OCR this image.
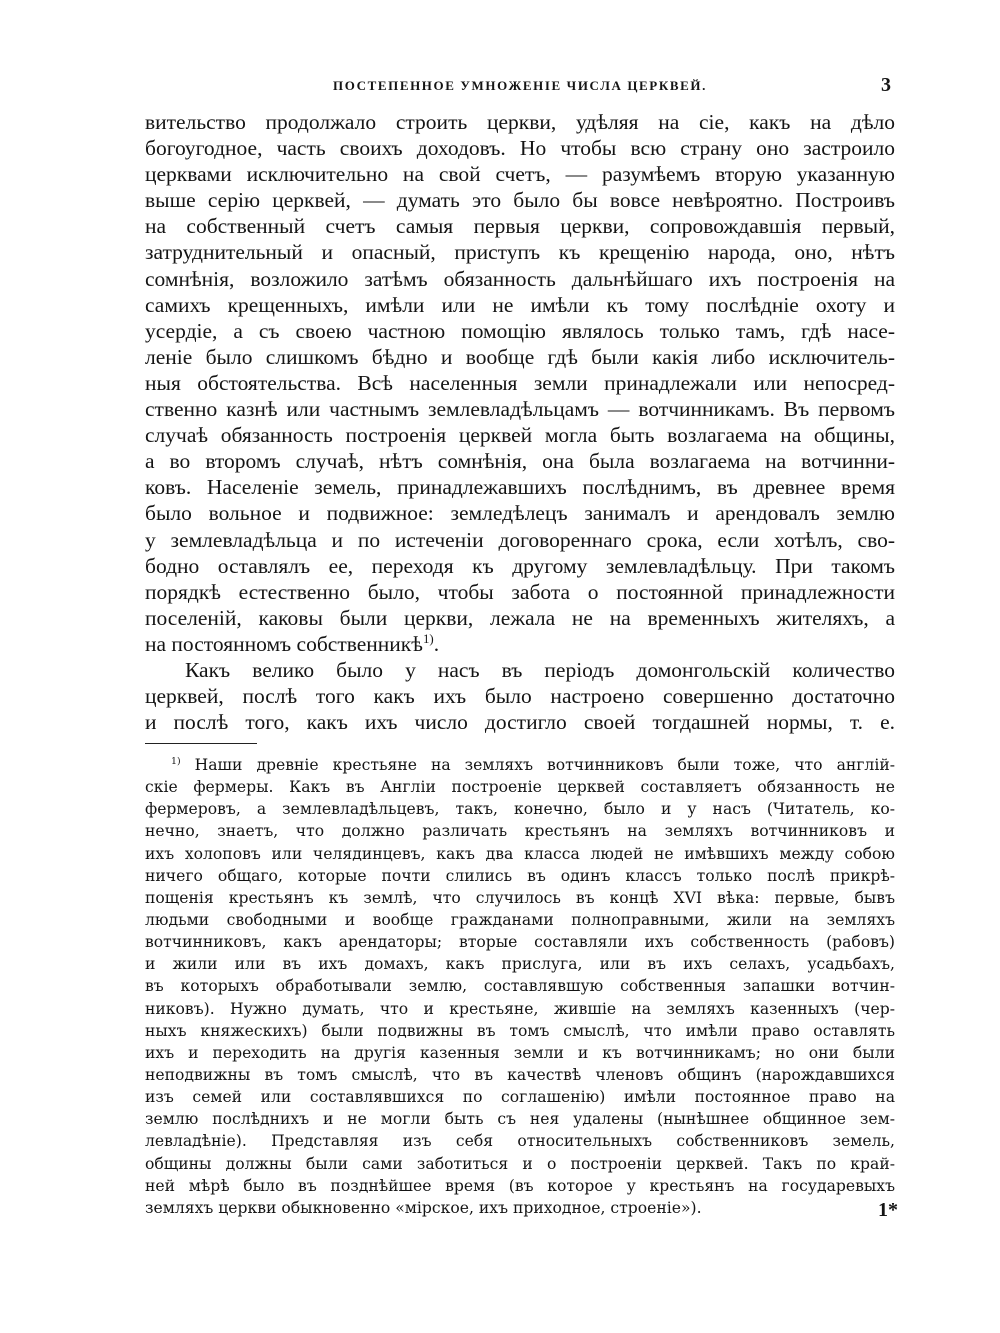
ПОСТЕПЕННОЕ УМНОЖЕНІЕ ЧИСЛА ЦЕРКВЕЙ.	3
вительство продолжало строить церкви, удѣляя на сіе, какъ на дѣло
богоугодное, часть своихъ доходовъ. Но чтобы всю страну оно застроило
церквами исключительно на свой счетъ, — разумѣемъ вторую указанную
выше серію церквей, — думать это было бы вовсе невѣроятно. Построивъ
на собственный счетъ самыя первыя церкви, сопровождавшія первый,
затруднительный и опасный, приступъ къ крещенію народа, оно, нѣтъ
сомнѣнія, возложило затѣмъ обязанность дальнѣйшаго ихъ построенія на
самихъ крещенныхъ, имѣли или не имѣли къ тому послѣдніе охоту и
усердіе, а съ своею частною помощію являлось только тамъ, гдѣ насе-
леніе было слишкомъ бѣдно и вообще гдѣ были какія либо исключитель-
ныя обстоятельства. Всѣ населенныя земли принадлежали или непосред-
ственно казнѣ или частнымъ землевладѣльцамъ — вотчинникамъ. Въ первомъ
случаѣ обязанность построенія церквей могла быть возлагаема на общины,
а во второмъ случаѣ, нѣтъ сомнѣнія, она была возлагаема на вотчинни-
ковъ. Населеніе земель, принадлежавшихъ послѣднимъ, въ древнее время
было вольное и подвижное: земледѣлецъ занималъ и арендовалъ землю
у землевладѣльца и по истеченіи договореннаго срока, если хотѣлъ, сво-
бодно оставлялъ ее, переходя къ другому землевладѣльцу. При такомъ
порядкѣ естественно было, чтобы забота о постоянной принадлежности
поселеній, каковы были церкви, лежала не на временныхъ жителяхъ, а
на постоянномъ собственникѣ$^{1)}$.
Какъ велико было у насъ въ періодъ домонгольскій количество
церквей, послѣ того какъ ихъ было настроено совершенно достаточно
и послѣ того, какъ ихъ число достигло своей тогдашней нормы, т. е.
$^{1)}$ Наши древніе крестьяне на земляхъ вотчинниковъ были тоже, что англій-
скіе фермеры. Какъ въ Англіи построеніе церквей составляетъ обязанность не
фермеровъ, а землевладѣльцевъ, такъ, конечно, было и у насъ (Читатель, ко-
нечно, знаетъ, что должно различать крестьянъ на земляхъ вотчинниковъ и
ихъ холоповъ или челядинцевъ, какъ два класса людей не имѣвшихъ между собою
ничего общаго, которые почти слились въ одинъ классъ только послѣ прикрѣ-
пощенія крестьянъ къ землѣ, что случилось въ концѣ XVI вѣка: первые, бывъ
людьми свободными и вообще гражданами полноправными, жили на земляхъ
вотчинниковъ, какъ арендаторы; вторые составляли ихъ собственность (рабовъ)
и жили или въ ихъ домахъ, какъ прислуга, или въ ихъ селахъ, усадьбахъ,
въ которыхъ обработывали землю, составлявшую собственныя запашки вотчин-
никовъ). Нужно думать, что и крестьяне, жившіе на земляхъ казенныхъ (чер-
ныхъ княжескихъ) были подвижны въ томъ смыслѣ, что имѣли право оставлять
ихъ и переходить на другія казенныя земли и къ вотчинникамъ; но они были
неподвижны въ томъ смыслѣ, что въ качествѣ членовъ общинъ (нарождавшихся
изъ семей или составлявшихся по соглашенію) имѣли постоянное право на
землю послѣднихъ и не могли быть съ нея удалены (нынѣшнее общинное зем-
левладѣніе). Представляя изъ себя относительныхъ собственниковъ земель,
общины должны были сами заботиться и о построеніи церквей. Такъ по край-
ней мѣрѣ было въ позднѣйшее время (въ которое у крестьянъ на государевыхъ
земляхъ церкви обыкновенно «мірское, ихъ приходное, строеніе»).	1*
